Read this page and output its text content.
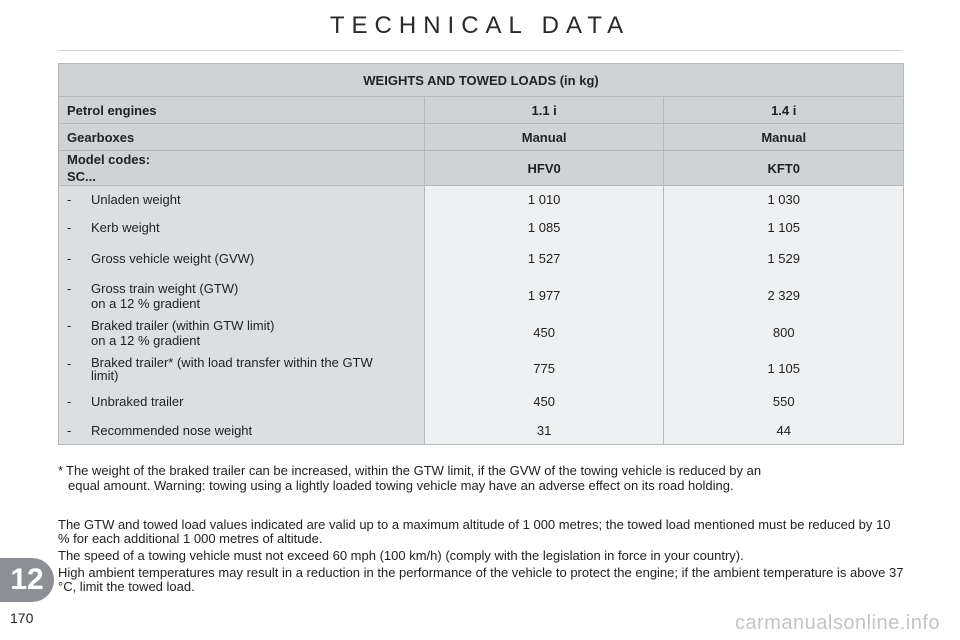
TECHNICAL DATA
WEIGHTS AND TOWED LOADS (in kg)		
Petrol engines	1.1 i	1.4 i
Gearboxes	Manual	Manual

Model codes:
SC...	HFV0	KFT0
- Unladen weight	1 010	1 030
- Kerb weight	1 085	1 105
- Gross vehicle weight (GVW)	1 527	1 529
- Gross train weight (GTW)
on a 12 % gradient	1 977	2 329
- Braked trailer (within GTW limit)
on a 12 % gradient	450	800
- Braked trailer* (with load transfer within the GTW limit)	775	1 105
- Unbraked trailer	450	550
- Recommended nose weight	31	44
* The weight of the braked trailer can be increased, within the GTW limit, if the GVW of the towing vehicle is reduced by an
equal amount. Warning: towing using a lightly loaded towing vehicle may have an adverse effect on its road holding.
The GTW and towed load values indicated are valid up to a maximum altitude of 1 000 metres; the towed load mentioned must be reduced by 10 % for each additional 1 000 metres of altitude.
The speed of a towing vehicle must not exceed 60 mph (100 km/h) (comply with the legislation in force in your country).
High ambient temperatures may result in a reduction in the performance of the vehicle to protect the engine; if the ambient temperature is above 37 °C, limit the towed load.
12
170	carmanualsonline.info
